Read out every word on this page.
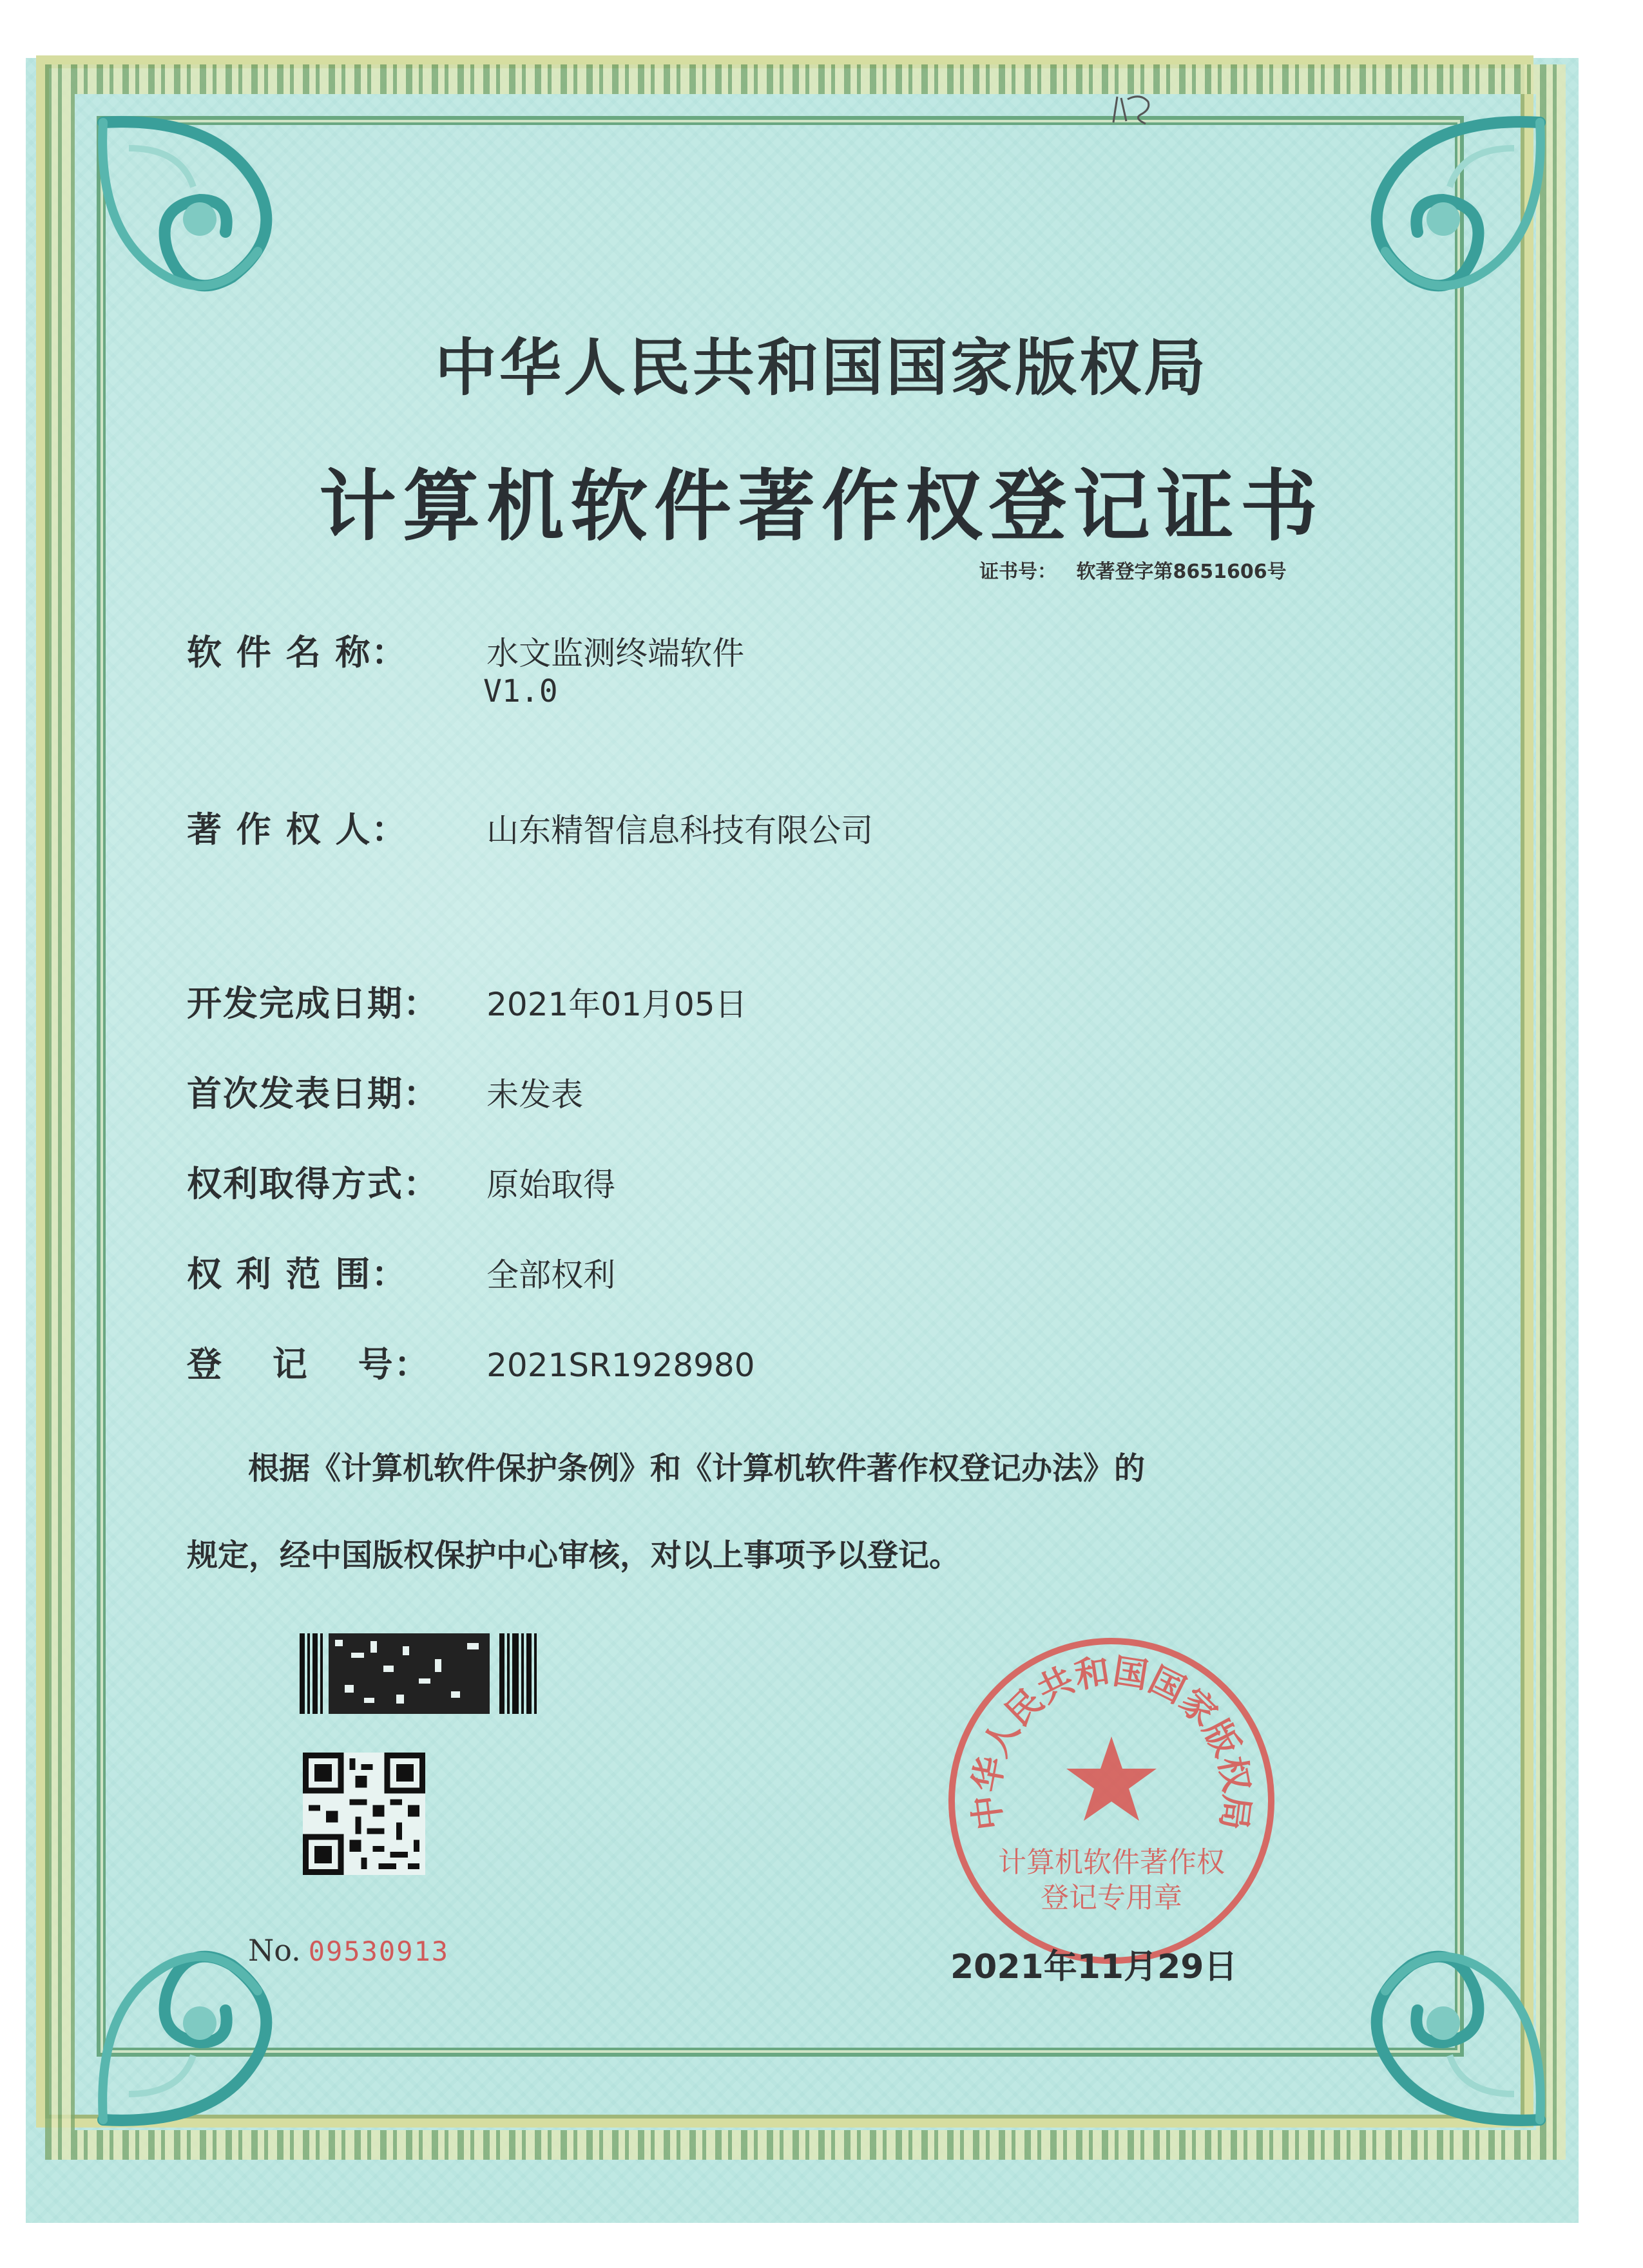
中华人民共和国国家版权局
计算机软件著作权登记证书
证书号： 软著登字第8651606号
软 件 名 称： 水文监测终端软件
V1.0
著 作 权 人： 山东精智信息科技有限公司
开发完成日期： 2021年01月05日
首次发表日期： 未发表
权利取得方式： 原始取得
权 利 范 围： 全部权利
登　 记　 号： 2021SR1928980
根据《计算机软件保护条例》和《计算机软件著作权登记办法》的
规定，经中国版权保护中心审核，对以上事项予以登记。
No. 09530913
中华人民共和国国家版权局
计算机软件著作权
登记专用章
2021年11月29日
